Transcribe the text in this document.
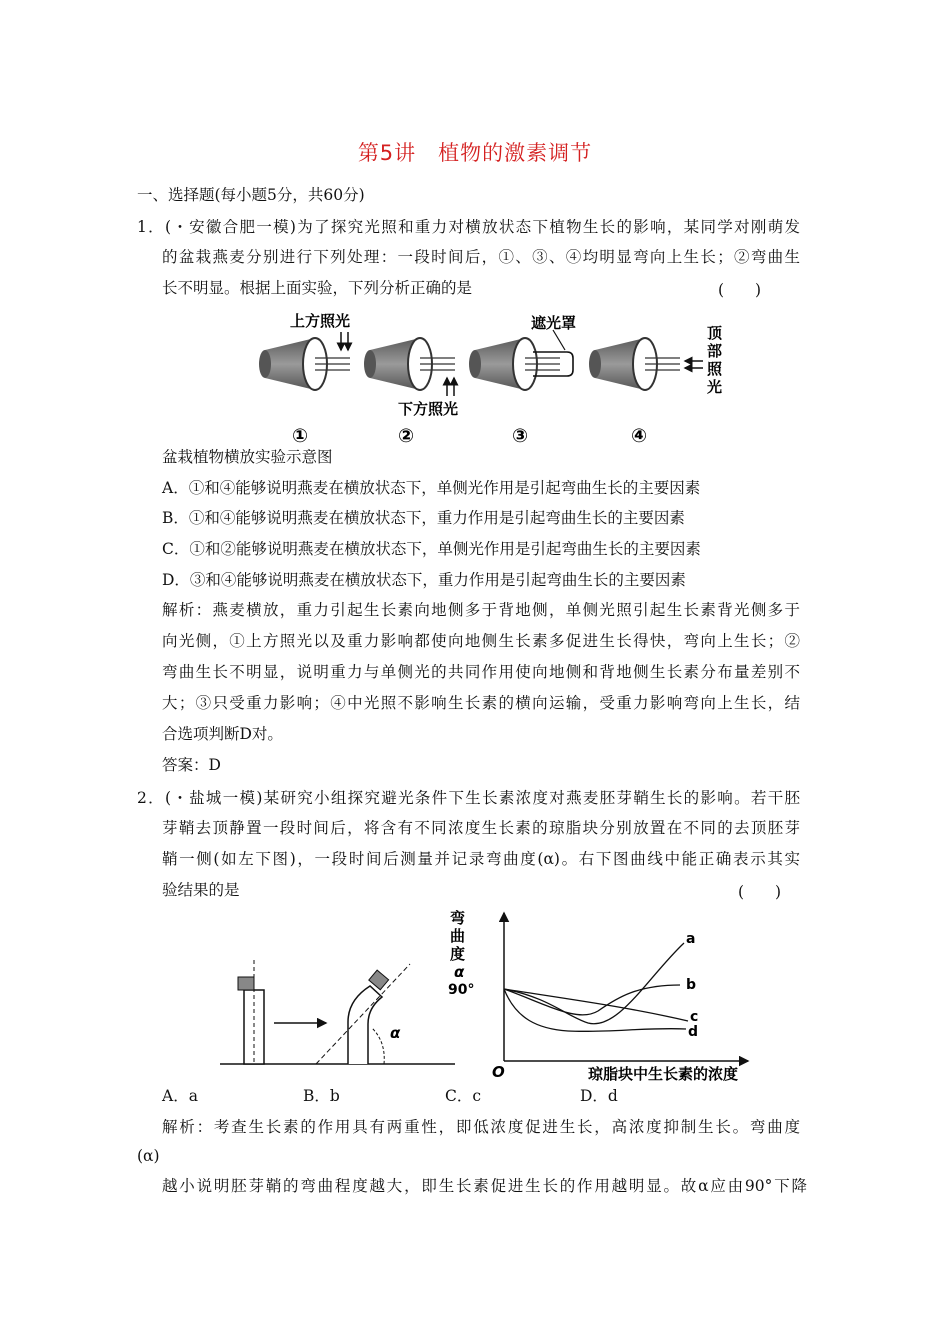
第5讲　植物的激素调节
一、选择题(每小题5分，共60分)
1．(・安徽合肥一模)为了探究光照和重力对横放状态下植物生长的影响，某同学对刚萌发
的盆栽燕麦分别进行下列处理：一段时间后，①、③、④均明显弯向上生长；②弯曲生
长不明显。根据上面实验，下列分析正确的是	(　　)
上方照光
下方照光
遮光罩
顶
部
照
光
①	②	③	④
盆栽植物横放实验示意图
A．①和④能够说明燕麦在横放状态下，单侧光作用是引起弯曲生长的主要因素
B．①和④能够说明燕麦在横放状态下，重力作用是引起弯曲生长的主要因素
C．①和②能够说明燕麦在横放状态下，单侧光作用是引起弯曲生长的主要因素
D．③和④能够说明燕麦在横放状态下，重力作用是引起弯曲生长的主要因素
解析：燕麦横放，重力引起生长素向地侧多于背地侧，单侧光照引起生长素背光侧多于
向光侧，①上方照光以及重力影响都使向地侧生长素多促进生长得快，弯向上生长；②
弯曲生长不明显，说明重力与单侧光的共同作用使向地侧和背地侧生长素分布量差别不
大；③只受重力影响；④中光照不影响生长素的横向运输，受重力影响弯向上生长，结
合选项判断D对。
答案：D
2．(・盐城一模)某研究小组探究避光条件下生长素浓度对燕麦胚芽鞘生长的影响。若干胚
芽鞘去顶静置一段时间后，将含有不同浓度生长素的琼脂块分别放置在不同的去顶胚芽
鞘一侧(如左下图)，一段时间后测量并记录弯曲度(α)。右下图曲线中能正确表示其实
验结果的是	(　　)
α
弯
曲
度
α
90°
O	琼脂块中生长素的浓度
a
b
c
d
A．a	B．b	C．c	D．d
解析：考查生长素的作用具有两重性，即低浓度促进生长，高浓度抑制生长。弯曲度
(α)
越小说明胚芽鞘的弯曲程度越大，即生长素促进生长的作用越明显。故α应由90°下降
